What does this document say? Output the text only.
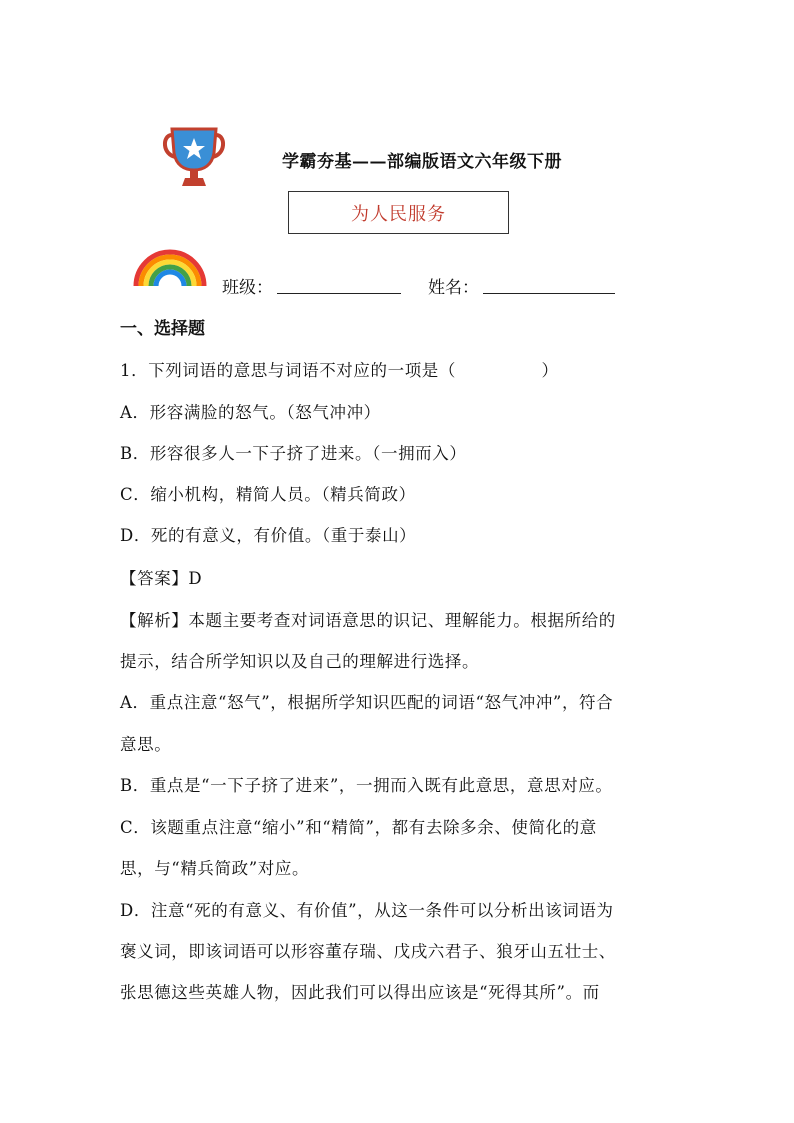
学霸夯基——部编版语文六年级下册
为人民服务
班级：	姓名：
一、选择题
1．下列词语的意思与词语不对应的一项是（　　　　　）
A．形容满脸的怒气。（怒气冲冲）
B．形容很多人一下子挤了进来。（一拥而入）
C．缩小机构，精简人员。（精兵简政）
D．死的有意义，有价值。（重于泰山）
【答案】D
【解析】本题主要考查对词语意思的识记、理解能力。根据所给的
提示，结合所学知识以及自己的理解进行选择。
A．重点注意“怒气”，根据所学知识匹配的词语“怒气冲冲”，符合
意思。
B．重点是“一下子挤了进来”，一拥而入既有此意思，意思对应。
C．该题重点注意“缩小”和“精简”，都有去除多余、使简化的意
思，与“精兵简政”对应。
D．注意“死的有意义、有价值”，从这一条件可以分析出该词语为
褒义词，即该词语可以形容董存瑞、戊戌六君子、狼牙山五壮士、
张思德这些英雄人物，因此我们可以得出应该是“死得其所”。而
